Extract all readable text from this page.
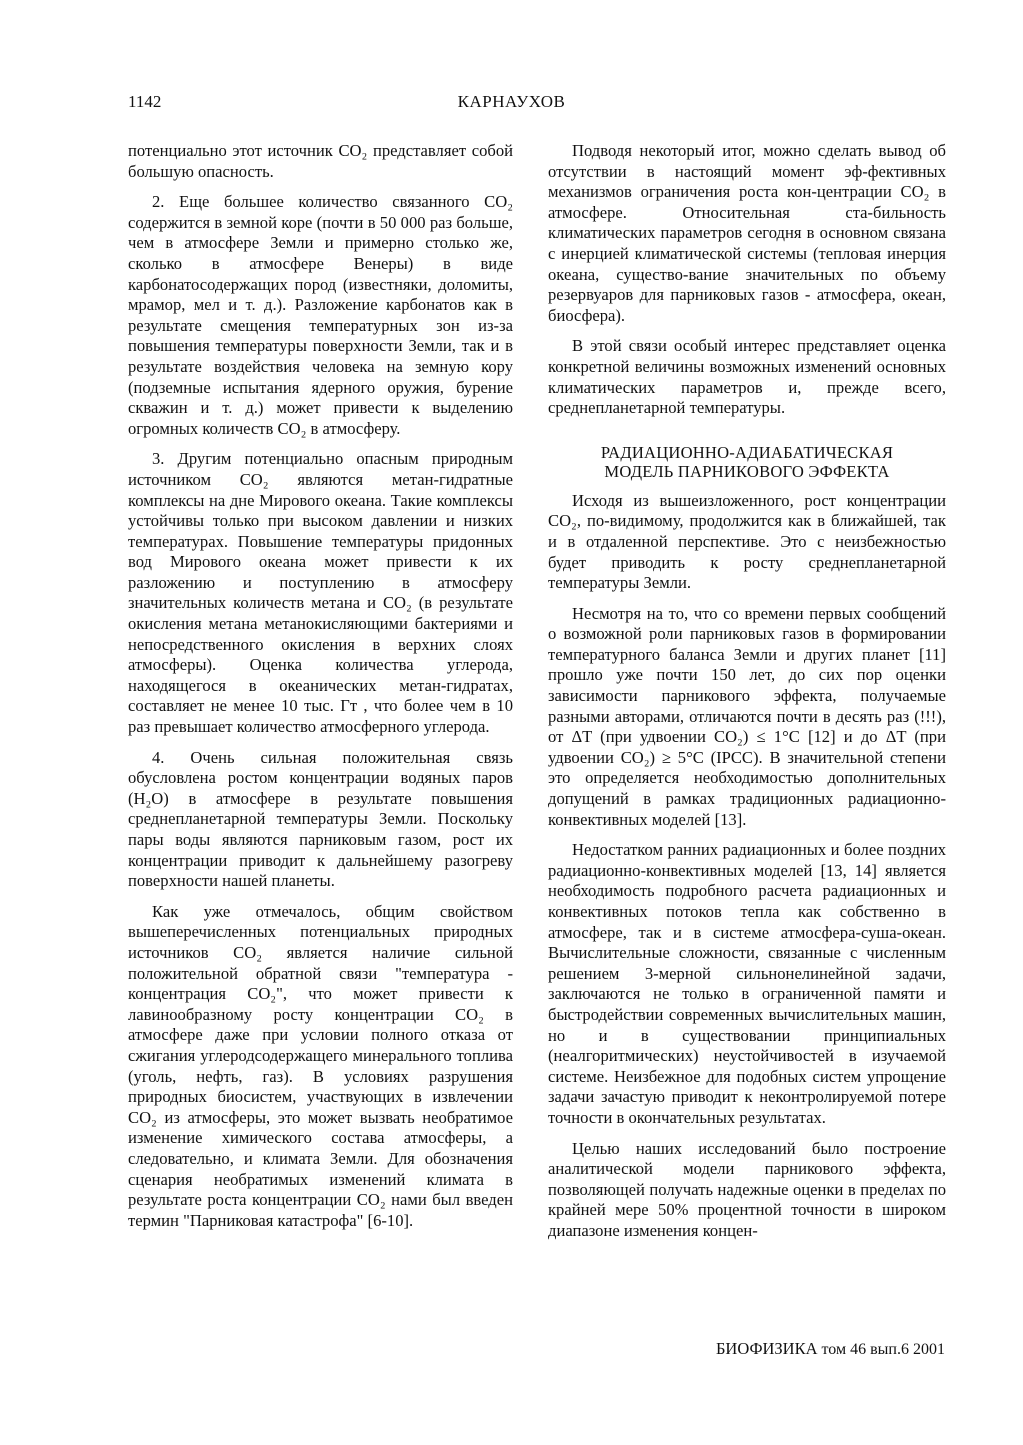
1142	КАРНАУХОВ

потенциально этот источник CO₂ представляет собой большую опасность.

2. Еще большее количество связанного CO₂ содержится в земной коре (почти в 50 000 раз больше, чем в атмосфере Земли и примерно столько же, сколько в атмосфере Венеры) в виде карбонатосодержащих пород (известняки, доломиты, мрамор, мел и т. д.). Разложение карбонатов как в результате смещения температурных зон из-за повышения температуры поверхности Земли, так и в результате воздействия человека на земную кору (подземные испытания ядерного оружия, бурение скважин и т. д.) может привести к выделению огромных количеств CO₂ в атмосферу.

3. Другим потенциально опасным природным источником CO₂ являются метан-гидратные комплексы на дне Мирового океана. Такие комплексы устойчивы только при высоком давлении и низких температурах. Повышение температуры придонных вод Мирового океана может привести к их разложению и поступлению в атмосферу значительных количеств метана и CO₂ (в результате окисления метана метанокисляющими бактериями и непосредственного окисления в верхних слоях атмосферы). Оценка количества углерода, находящегося в океанических метан-гидратах, составляет не менее 10 тыс. Гт , что более чем в 10 раз превышает количество атмосферного углерода.

4. Очень сильная положительная связь обусловлена ростом концентрации водяных паров (H₂O) в атмосфере в результате повышения среднепланетарной температуры Земли. Поскольку пары воды являются парниковым газом, рост их концентрации приводит к дальнейшему разогреву поверхности нашей планеты.

Как уже отмечалось, общим свойством вышеперечисленных потенциальных природных источников CO₂ является наличие сильной положительной обратной связи "температура - концентрация CO₂", что может привести к лавинообразному росту концентрации CO₂ в атмосфере даже при условии полного отказа от сжигания углеродсодержащего минерального топлива (уголь, нефть, газ). В условиях разрушения природных биосистем, участвующих в извлечении CO₂ из атмосферы, это может вызвать необратимое изменение химического состава атмосферы, а следовательно, и климата Земли. Для обозначения сценария необратимых изменений климата в результате роста концентрации CO₂ нами был введен термин "Парниковая катастрофа" [6-10].

Подводя некоторый итог, можно сделать вывод об отсутствии в настоящий момент эф-фективных механизмов ограничения роста кон-центрации CO₂ в атмосфере. Относительная ста-бильность климатических параметров сегодня в основном связана с инерцией климатической системы (тепловая инерция океана, существо-вание значительных по объему резервуаров для парниковых газов - атмосфера, океан, биосфера).

В этой связи особый интерес представляет оценка конкретной величины возможных изменений основных климатических параметров и, прежде всего, среднепланетарной температуры.

РАДИАЦИОННО-АДИАБАТИЧЕСКАЯ
МОДЕЛЬ ПАРНИКОВОГО ЭФФЕКТА

Исходя из вышеизложенного, рост концентрации CO₂, по-видимому, продолжится как в ближайшей, так и в отдаленной перспективе. Это с неизбежностью будет приводить к росту среднепланетарной температуры Земли.

Несмотря на то, что со времени первых сообщений о возможной роли парниковых газов в формировании температурного баланса Земли и других планет [11] прошло уже почти 150 лет, до сих пор оценки зависимости парникового эффекта, получаемые разными авторами, отличаются почти в десять раз (!!!), от ΔT (при удвоении CO₂) ≤ 1°C [12] и до ΔT (при удвоении CO₂) ≥ 5°C (IPCC). В значительной степени это определяется необходимостью дополнительных допущений в рамках традиционных радиационно-конвективных моделей [13].

Недостатком ранних радиационных и более поздних радиационно-конвективных моделей [13, 14] является необходимость подробного расчета радиационных и конвективных потоков тепла как собственно в атмосфере, так и в системе атмосфера-суша-океан. Вычислительные сложности, связанные с численным решением 3-мерной сильнонелинейной задачи, заключаются не только в ограниченной памяти и быстродействии современных вычислительных машин, но и в существовании принципиальных (неалгоритмических) неустойчивостей в изучаемой системе. Неизбежное для подобных систем упрощение задачи зачастую приводит к неконтролируемой потере точности в окончательных результатах.

Целью наших исследований было построение аналитической модели парникового эффекта, позволяющей получать надежные оценки в пределах по крайней мере 50% процентной точности в широком диапазоне изменения концен-

БИОФИЗИКА том 46 вып.6 2001
